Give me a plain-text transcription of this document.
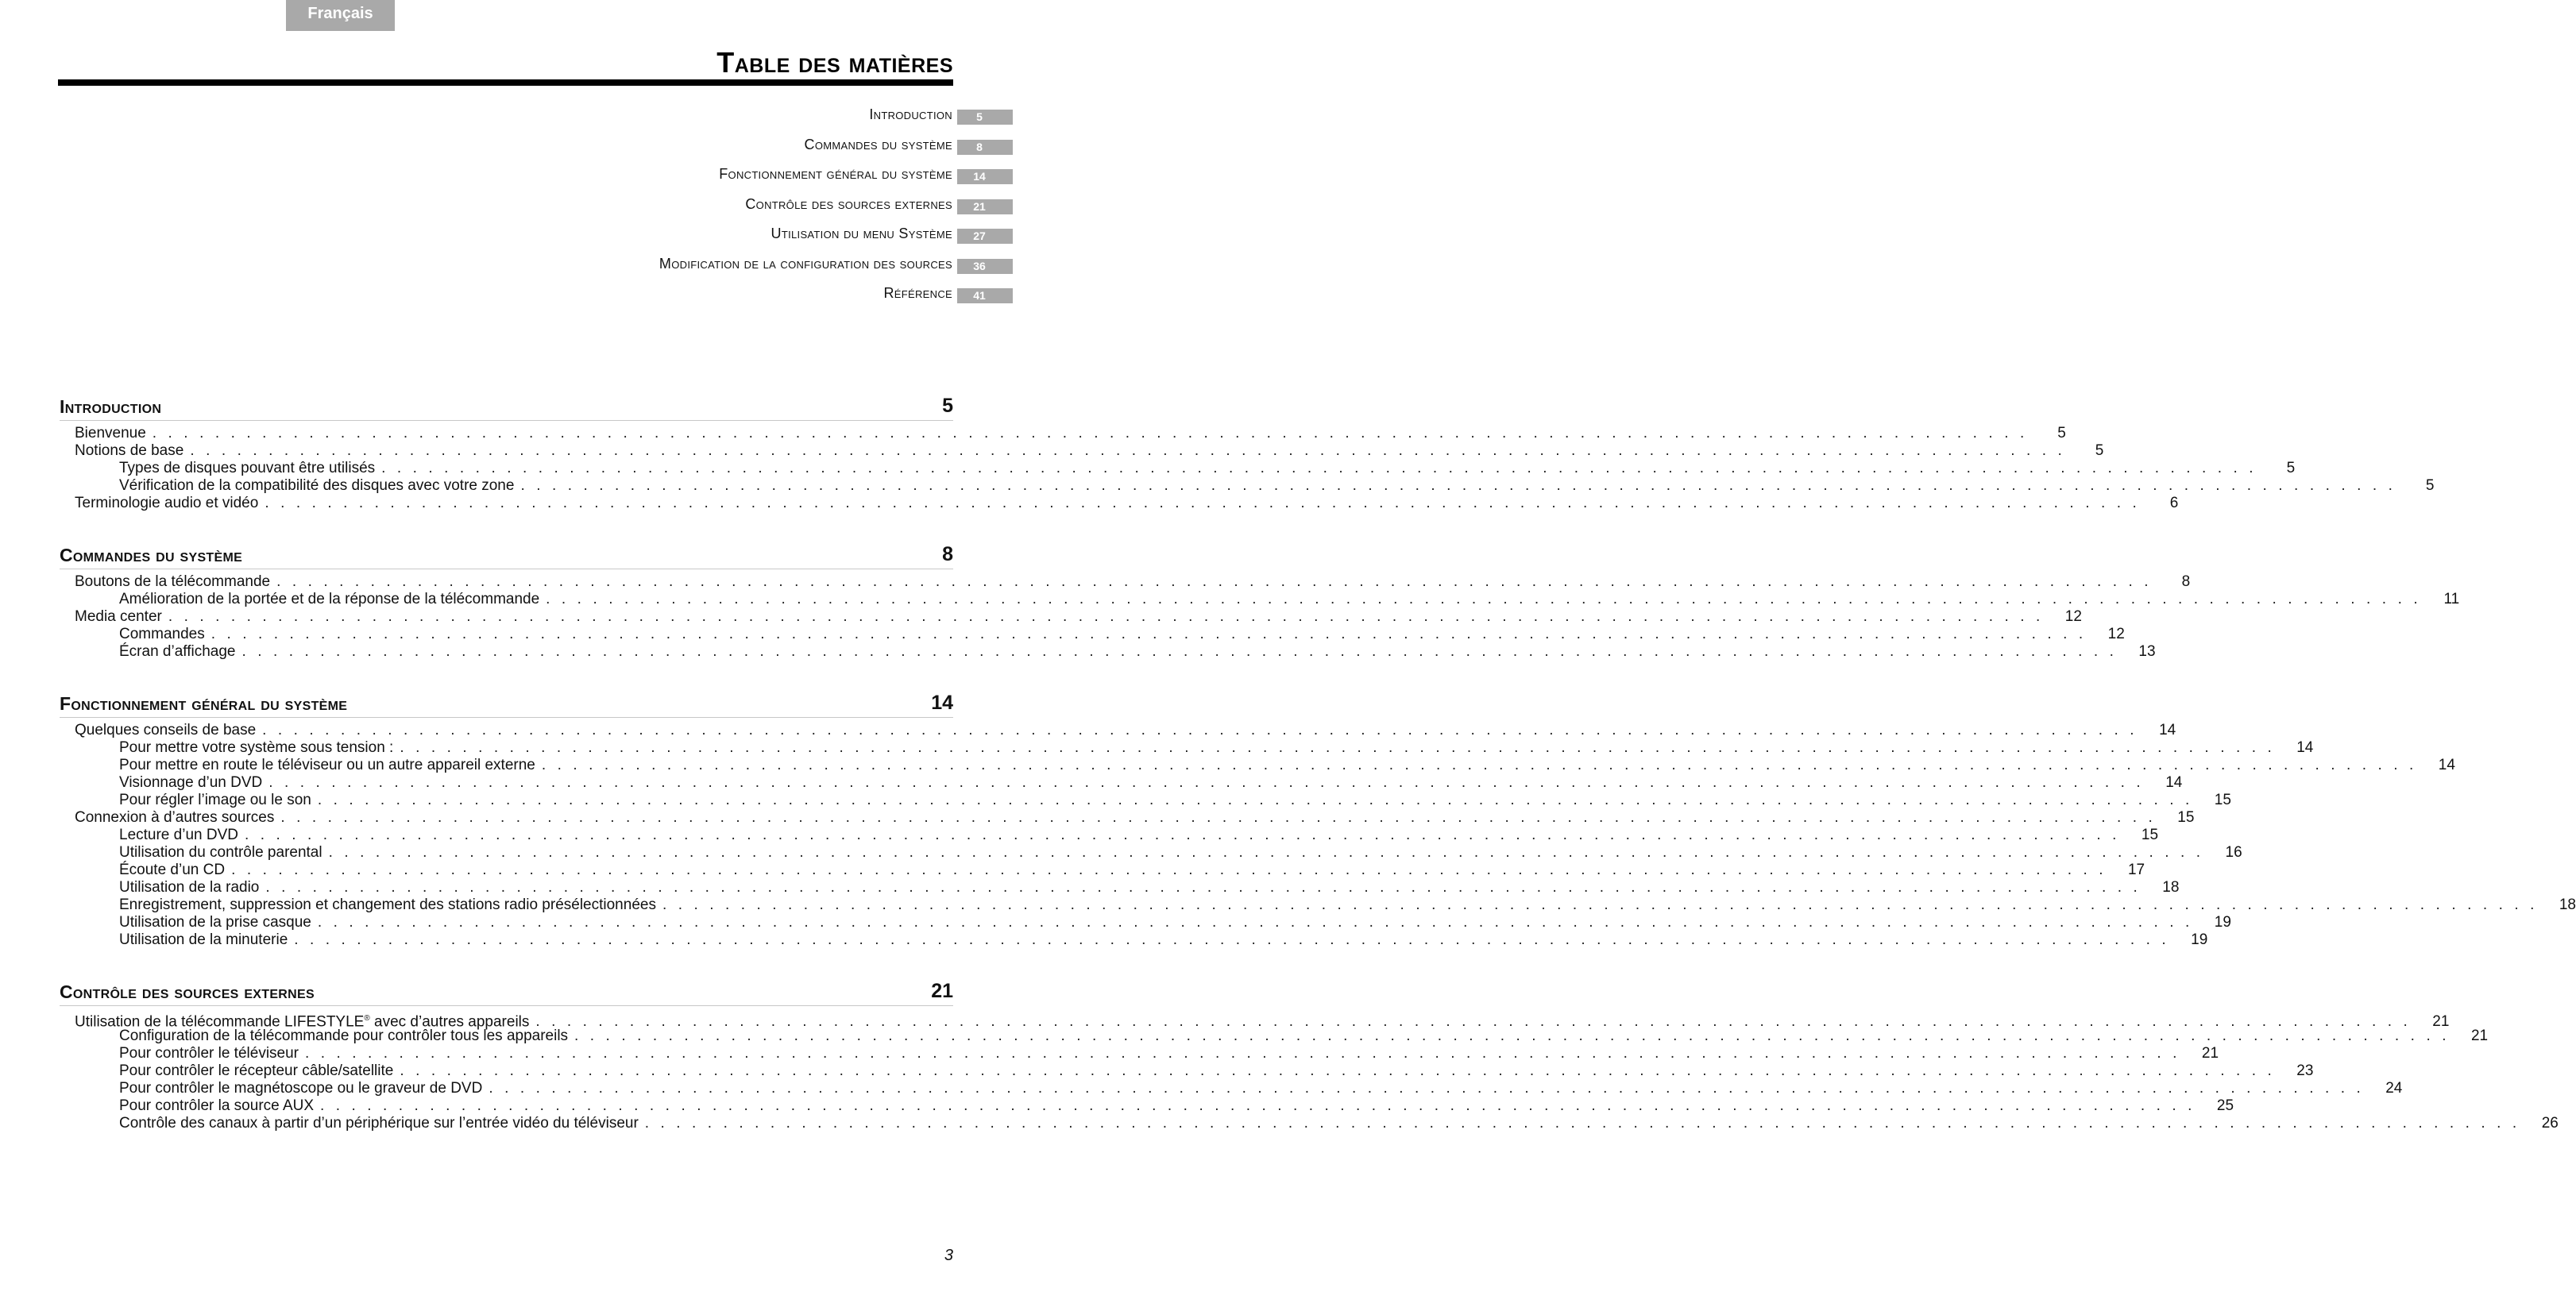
Français
Table des matières
Introduction	5
Commandes du système	8
Fonctionnement général du système	14
Contrôle des sources externes	21
Utilisation du menu Système	27
Modification de la configuration des sources	36
Référence	41
Introduction	5
Bienvenue . . . . . . . . . . . . . . . . . . . . . . . . . . . . . . . . . . . . . . . . . . . . . . . . . . . . . . . . . . . . . . . . . . . . . . . . . . . . . . . . . . . . . . . . . . . . . . . . . . . . . . . . . . . . . . . . . . . . . . . .	5
Notions de base . . . . . . . . . . . . . . . . . . . . . . . . . . . . . . . . . . . . . . . . . . . . . . . . . . . . . . . . . . . . . . . . . . . . . . . . . . . . . . . . . . . . . . . . . . . . . . . . . . . . . . . . . . . . . . . . . . . . . . . .	5
Types de disques pouvant être utilisés . . . . . . . . . . . . . . . . . . . . . . . . . . . . . . . . . . . . . . . . . . . . . . . . . . . . . . . . . . . . . . . . . . . . . . . . . . . . . . . . . . . . . . . . . . . . . . . . . . . . . . . . . . . . . . . . . . . . . . . .	5
Vérification de la compatibilité des disques avec votre zone . . . . . . . . . . . . . . . . . . . . . . . . . . . . . . . . . . . . . . . . . . . . . . . . . . . . . . . . . . . . . . . . . . . . . . . . . . . . . . . . . . . . . . . . . . . . . . . . . . . . . . . . . . . . . . . . . . . . . . . .	5
Terminologie audio et vidéo . . . . . . . . . . . . . . . . . . . . . . . . . . . . . . . . . . . . . . . . . . . . . . . . . . . . . . . . . . . . . . . . . . . . . . . . . . . . . . . . . . . . . . . . . . . . . . . . . . . . . . . . . . . . . . . . . . . . . . . .	6
Commandes du système	8
Boutons de la télécommande . . . . . . . . . . . . . . . . . . . . . . . . . . . . . . . . . . . . . . . . . . . . . . . . . . . . . . . . . . . . . . . . . . . . . . . . . . . . . . . . . . . . . . . . . . . . . . . . . . . . . . . . . . . . . . . . . . . . . . . .	8
Amélioration de la portée et de la réponse de la télécommande . . . . . . . . . . . . . . . . . . . . . . . . . . . . . . . . . . . . . . . . . . . . . . . . . . . . . . . . . . . . . . . . . . . . . . . . . . . . . . . . . . . . . . . . . . . . . . . . . . . . . . . . . . . . . . . . . . . . . . . .	11
Media center . . . . . . . . . . . . . . . . . . . . . . . . . . . . . . . . . . . . . . . . . . . . . . . . . . . . . . . . . . . . . . . . . . . . . . . . . . . . . . . . . . . . . . . . . . . . . . . . . . . . . . . . . . . . . . . . . . . . . . . .	12
Commandes . . . . . . . . . . . . . . . . . . . . . . . . . . . . . . . . . . . . . . . . . . . . . . . . . . . . . . . . . . . . . . . . . . . . . . . . . . . . . . . . . . . . . . . . . . . . . . . . . . . . . . . . . . . . . . . . . . . . . . . .	12
Écran d’affichage . . . . . . . . . . . . . . . . . . . . . . . . . . . . . . . . . . . . . . . . . . . . . . . . . . . . . . . . . . . . . . . . . . . . . . . . . . . . . . . . . . . . . . . . . . . . . . . . . . . . . . . . . . . . . . . . . . . . . . . .	13
Fonctionnement général du système	14
Quelques conseils de base . . . . . . . . . . . . . . . . . . . . . . . . . . . . . . . . . . . . . . . . . . . . . . . . . . . . . . . . . . . . . . . . . . . . . . . . . . . . . . . . . . . . . . . . . . . . . . . . . . . . . . . . . . . . . . . . . . . . . . . .	14
Pour mettre votre système sous tension : . . . . . . . . . . . . . . . . . . . . . . . . . . . . . . . . . . . . . . . . . . . . . . . . . . . . . . . . . . . . . . . . . . . . . . . . . . . . . . . . . . . . . . . . . . . . . . . . . . . . . . . . . . . . . . . . . . . . . . . .	14
Pour mettre en route le téléviseur ou un autre appareil externe . . . . . . . . . . . . . . . . . . . . . . . . . . . . . . . . . . . . . . . . . . . . . . . . . . . . . . . . . . . . . . . . . . . . . . . . . . . . . . . . . . . . . . . . . . . . . . . . . . . . . . . . . . . . . . . . . . . . . . . .	14
Visionnage d’un DVD . . . . . . . . . . . . . . . . . . . . . . . . . . . . . . . . . . . . . . . . . . . . . . . . . . . . . . . . . . . . . . . . . . . . . . . . . . . . . . . . . . . . . . . . . . . . . . . . . . . . . . . . . . . . . . . . . . . . . . . .	14
Pour régler l’image ou le son . . . . . . . . . . . . . . . . . . . . . . . . . . . . . . . . . . . . . . . . . . . . . . . . . . . . . . . . . . . . . . . . . . . . . . . . . . . . . . . . . . . . . . . . . . . . . . . . . . . . . . . . . . . . . . . . . . . . . . . .	15
Connexion à d’autres sources . . . . . . . . . . . . . . . . . . . . . . . . . . . . . . . . . . . . . . . . . . . . . . . . . . . . . . . . . . . . . . . . . . . . . . . . . . . . . . . . . . . . . . . . . . . . . . . . . . . . . . . . . . . . . . . . . . . . . . . .	15
Lecture d’un DVD . . . . . . . . . . . . . . . . . . . . . . . . . . . . . . . . . . . . . . . . . . . . . . . . . . . . . . . . . . . . . . . . . . . . . . . . . . . . . . . . . . . . . . . . . . . . . . . . . . . . . . . . . . . . . . . . . . . . . . . .	15
Utilisation du contrôle parental . . . . . . . . . . . . . . . . . . . . . . . . . . . . . . . . . . . . . . . . . . . . . . . . . . . . . . . . . . . . . . . . . . . . . . . . . . . . . . . . . . . . . . . . . . . . . . . . . . . . . . . . . . . . . . . . . . . . . . . .	16
Écoute d’un CD . . . . . . . . . . . . . . . . . . . . . . . . . . . . . . . . . . . . . . . . . . . . . . . . . . . . . . . . . . . . . . . . . . . . . . . . . . . . . . . . . . . . . . . . . . . . . . . . . . . . . . . . . . . . . . . . . . . . . . . .	17
Utilisation de la radio . . . . . . . . . . . . . . . . . . . . . . . . . . . . . . . . . . . . . . . . . . . . . . . . . . . . . . . . . . . . . . . . . . . . . . . . . . . . . . . . . . . . . . . . . . . . . . . . . . . . . . . . . . . . . . . . . . . . . . . .	18
Enregistrement, suppression et changement des stations radio présélectionnées . . . . . . . . . . . . . . . . . . . . . . . . . . . . . . . . . . . . . . . . . . . . . . . . . . . . . . . . . . . . . . . . . . . . . . . . . . . . . . . . . . . . . . . . . . . . . . . . . . . . . . . . . . . . . . . . . . . . . . . .	18
Utilisation de la prise casque . . . . . . . . . . . . . . . . . . . . . . . . . . . . . . . . . . . . . . . . . . . . . . . . . . . . . . . . . . . . . . . . . . . . . . . . . . . . . . . . . . . . . . . . . . . . . . . . . . . . . . . . . . . . . . . . . . . . . . . .	19
Utilisation de la minuterie . . . . . . . . . . . . . . . . . . . . . . . . . . . . . . . . . . . . . . . . . . . . . . . . . . . . . . . . . . . . . . . . . . . . . . . . . . . . . . . . . . . . . . . . . . . . . . . . . . . . . . . . . . . . . . . . . . . . . . . .	19
Contrôle des sources externes	21
Utilisation de la télécommande LIFESTYLE® avec d’autres appareils . . . . . . . . . . . . . . . . . . . . . . . . . . . . . . . . . . . . . . . . . . . . . . . . . . . . . . . . . . . . . . . . . . . . . . . . . . . . . . . . . . . . . . . . . . . . . . . . . . . . . . . . . . . . . . . . . . . . . . . .	21
Configuration de la télécommande pour contrôler tous les appareils . . . . . . . . . . . . . . . . . . . . . . . . . . . . . . . . . . . . . . . . . . . . . . . . . . . . . . . . . . . . . . . . . . . . . . . . . . . . . . . . . . . . . . . . . . . . . . . . . . . . . . . . . . . . . . . . . . . . . . . .	21
Pour contrôler le téléviseur . . . . . . . . . . . . . . . . . . . . . . . . . . . . . . . . . . . . . . . . . . . . . . . . . . . . . . . . . . . . . . . . . . . . . . . . . . . . . . . . . . . . . . . . . . . . . . . . . . . . . . . . . . . . . . . . . . . . . . . .	21
Pour contrôler le récepteur câble/satellite . . . . . . . . . . . . . . . . . . . . . . . . . . . . . . . . . . . . . . . . . . . . . . . . . . . . . . . . . . . . . . . . . . . . . . . . . . . . . . . . . . . . . . . . . . . . . . . . . . . . . . . . . . . . . . . . . . . . . . . .	23
Pour contrôler le magnétoscope ou le graveur de DVD . . . . . . . . . . . . . . . . . . . . . . . . . . . . . . . . . . . . . . . . . . . . . . . . . . . . . . . . . . . . . . . . . . . . . . . . . . . . . . . . . . . . . . . . . . . . . . . . . . . . . . . . . . . . . . . . . . . . . . . .	24
Pour contrôler la source AUX . . . . . . . . . . . . . . . . . . . . . . . . . . . . . . . . . . . . . . . . . . . . . . . . . . . . . . . . . . . . . . . . . . . . . . . . . . . . . . . . . . . . . . . . . . . . . . . . . . . . . . . . . . . . . . . . . . . . . . . .	25
Contrôle des canaux à partir d’un périphérique sur l’entrée vidéo du téléviseur . . . . . . . . . . . . . . . . . . . . . . . . . . . . . . . . . . . . . . . . . . . . . . . . . . . . . . . . . . . . . . . . . . . . . . . . . . . . . . . . . . . . . . . . . . . . . . . . . . . . . . . . . . . . . . . . . . . . . . . .	26
3
